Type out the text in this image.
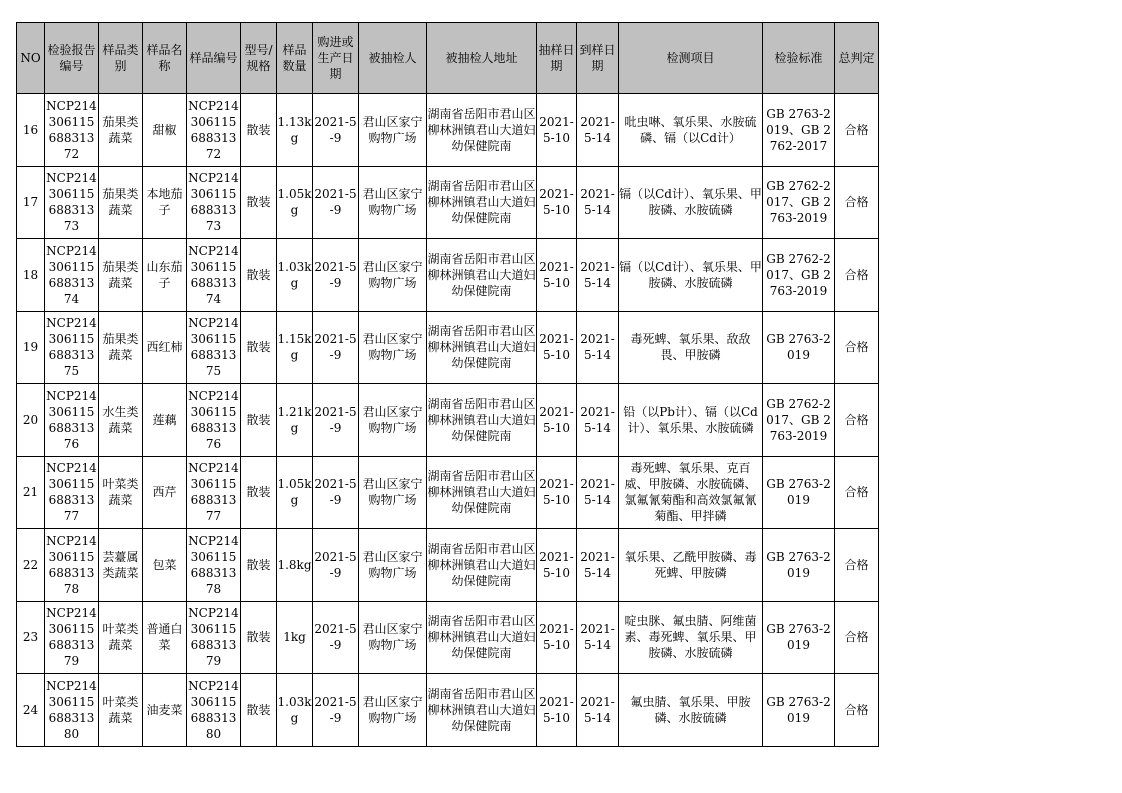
NO	检验报告编号	样品类别	样品名称	样品编号	型号/规格	样品数量	购进或生产日期	被抽检人	被抽检人地址	抽样日期	到样日期	检测项目	检验标准	总判定
16	NCP21430611568831372	茄果类蔬菜	甜椒	NCP21430611568831372	散装	1.13kg	2021-5-9	君山区家宁购物广场	湖南省岳阳市君山区柳林洲镇君山大道妇幼保健院南	2021-5-10	2021-5-14	吡虫啉、氧乐果、水胺硫磷、镉（以Cd计）	GB 2763-2019、GB 2762-2017	合格
17	NCP21430611568831373	茄果类蔬菜	本地茄子	NCP21430611568831373	散装	1.05kg	2021-5-9	君山区家宁购物广场	湖南省岳阳市君山区柳林洲镇君山大道妇幼保健院南	2021-5-10	2021-5-14	镉（以Cd计）、氧乐果、甲胺磷、水胺硫磷	GB 2762-2017、GB 2763-2019	合格
18	NCP21430611568831374	茄果类蔬菜	山东茄子	NCP21430611568831374	散装	1.03kg	2021-5-9	君山区家宁购物广场	湖南省岳阳市君山区柳林洲镇君山大道妇幼保健院南	2021-5-10	2021-5-14	镉（以Cd计）、氧乐果、甲胺磷、水胺硫磷	GB 2762-2017、GB 2763-2019	合格
19	NCP21430611568831375	茄果类蔬菜	西红柿	NCP21430611568831375	散装	1.15kg	2021-5-9	君山区家宁购物广场	湖南省岳阳市君山区柳林洲镇君山大道妇幼保健院南	2021-5-10	2021-5-14	毒死蜱、氧乐果、敌敌畏、甲胺磷	GB 2763-2019	合格
20	NCP21430611568831376	水生类蔬菜	莲藕	NCP21430611568831376	散装	1.21kg	2021-5-9	君山区家宁购物广场	湖南省岳阳市君山区柳林洲镇君山大道妇幼保健院南	2021-5-10	2021-5-14	铅（以Pb计）、镉（以Cd计）、氧乐果、水胺硫磷	GB 2762-2017、GB 2763-2019	合格
21	NCP21430611568831377	叶菜类蔬菜	西芹	NCP21430611568831377	散装	1.05kg	2021-5-9	君山区家宁购物广场	湖南省岳阳市君山区柳林洲镇君山大道妇幼保健院南	2021-5-10	2021-5-14	毒死蜱、氧乐果、克百威、甲胺磷、水胺硫磷、氯氟氰菊酯和高效氯氟氰菊酯、甲拌磷	GB 2763-2019	合格
22	NCP21430611568831378	芸薹属类蔬菜	包菜	NCP21430611568831378	散装	1.8kg	2021-5-9	君山区家宁购物广场	湖南省岳阳市君山区柳林洲镇君山大道妇幼保健院南	2021-5-10	2021-5-14	氧乐果、乙酰甲胺磷、毒死蜱、甲胺磷	GB 2763-2019	合格
23	NCP21430611568831379	叶菜类蔬菜	普通白菜	NCP21430611568831379	散装	1kg	2021-5-9	君山区家宁购物广场	湖南省岳阳市君山区柳林洲镇君山大道妇幼保健院南	2021-5-10	2021-5-14	啶虫脒、氟虫腈、阿维菌素、毒死蜱、氧乐果、甲胺磷、水胺硫磷	GB 2763-2019	合格
24	NCP21430611568831380	叶菜类蔬菜	油麦菜	NCP21430611568831380	散装	1.03kg	2021-5-9	君山区家宁购物广场	湖南省岳阳市君山区柳林洲镇君山大道妇幼保健院南	2021-5-10	2021-5-14	氟虫腈、氧乐果、甲胺磷、水胺硫磷	GB 2763-2019	合格
